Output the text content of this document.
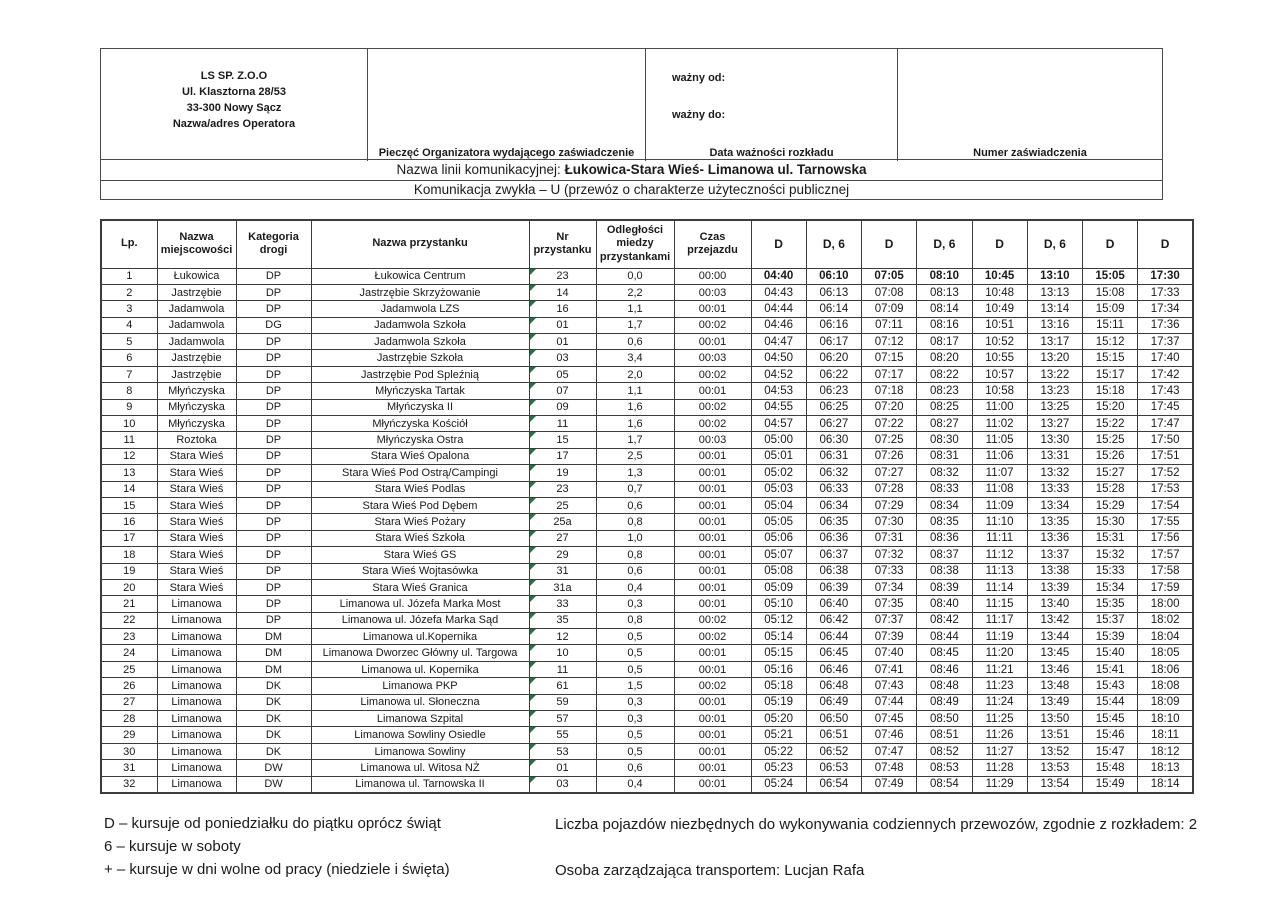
LS SP. Z.O.O
Ul. Klasztorna 28/53
33-300 Nowy Sącz
Nazwa/adres Operatora
Pieczęć Organizatora wydającego zaświadczenie
ważny od:
ważny do:
Data ważności rozkładu	Numer zaświadczenia
Nazwa linii komunikacyjnej: Łukowica-Stara Wieś- Limanowa ul. Tarnowska
Komunikacja zwykła – U (przewóz o charakterze użyteczności publicznej
Lp.	Nazwa miejscowości	Kategoria drogi	Nazwa przystanku	Nr przystanku	Odległości miedzy przystankami	Czas przejazdu	D	D, 6	D	D, 6	D	D, 6	D	D
1	Łukowica	DP	Łukowica Centrum	23	0,0	00:00	04:40	06:10	07:05	08:10	10:45	13:10	15:05	17:30
2	Jastrzębie	DP	Jastrzębie Skrzyżowanie	14	2,2	00:03	04:43	06:13	07:08	08:13	10:48	13:13	15:08	17:33
3	Jadamwola	DP	Jadamwola LZS	16	1,1	00:01	04:44	06:14	07:09	08:14	10:49	13:14	15:09	17:34
4	Jadamwola	DG	Jadamwola Szkoła	01	1,7	00:02	04:46	06:16	07:11	08:16	10:51	13:16	15:11	17:36
5	Jadamwola	DP	Jadamwola Szkoła	01	0,6	00:01	04:47	06:17	07:12	08:17	10:52	13:17	15:12	17:37
6	Jastrzębie	DP	Jastrzębie Szkoła	03	3,4	00:03	04:50	06:20	07:15	08:20	10:55	13:20	15:15	17:40
7	Jastrzębie	DP	Jastrzębie Pod Spleźnią	05	2,0	00:02	04:52	06:22	07:17	08:22	10:57	13:22	15:17	17:42
8	Młyńczyska	DP	Młyńczyska Tartak	07	1,1	00:01	04:53	06:23	07:18	08:23	10:58	13:23	15:18	17:43
9	Młyńczyska	DP	Młyńczyska II	09	1,6	00:02	04:55	06:25	07:20	08:25	11:00	13:25	15:20	17:45
10	Młyńczyska	DP	Młyńczyska Kościół	11	1,6	00:02	04:57	06:27	07:22	08:27	11:02	13:27	15:22	17:47
11	Roztoka	DP	Młyńczyska Ostra	15	1,7	00:03	05:00	06:30	07:25	08:30	11:05	13:30	15:25	17:50
12	Stara Wieś	DP	Stara Wieś Opalona	17	2,5	00:01	05:01	06:31	07:26	08:31	11:06	13:31	15:26	17:51
13	Stara Wieś	DP	Stara Wieś Pod Ostrą/Campingi	19	1,3	00:01	05:02	06:32	07:27	08:32	11:07	13:32	15:27	17:52
14	Stara Wieś	DP	Stara Wieś Podlas	23	0,7	00:01	05:03	06:33	07:28	08:33	11:08	13:33	15:28	17:53
15	Stara Wieś	DP	Stara Wieś Pod Dębem	25	0,6	00:01	05:04	06:34	07:29	08:34	11:09	13:34	15:29	17:54
16	Stara Wieś	DP	Stara Wieś Pożary	25a	0,8	00:01	05:05	06:35	07:30	08:35	11:10	13:35	15:30	17:55
17	Stara Wieś	DP	Stara Wieś Szkoła	27	1,0	00:01	05:06	06:36	07:31	08:36	11:11	13:36	15:31	17:56
18	Stara Wieś	DP	Stara Wieś GS	29	0,8	00:01	05:07	06:37	07:32	08:37	11:12	13:37	15:32	17:57
19	Stara Wieś	DP	Stara Wieś Wojtasówka	31	0,6	00:01	05:08	06:38	07:33	08:38	11:13	13:38	15:33	17:58
20	Stara Wieś	DP	Stara Wieś Granica	31a	0,4	00:01	05:09	06:39	07:34	08:39	11:14	13:39	15:34	17:59
21	Limanowa	DP	Limanowa ul. Józefa Marka Most	33	0,3	00:01	05:10	06:40	07:35	08:40	11:15	13:40	15:35	18:00
22	Limanowa	DP	Limanowa ul. Józefa Marka Sąd	35	0,8	00:02	05:12	06:42	07:37	08:42	11:17	13:42	15:37	18:02
23	Limanowa	DM	Limanowa ul.Kopernika	12	0,5	00:02	05:14	06:44	07:39	08:44	11:19	13:44	15:39	18:04
24	Limanowa	DM	Limanowa Dworzec Główny ul. Targowa	10	0,5	00:01	05:15	06:45	07:40	08:45	11:20	13:45	15:40	18:05
25	Limanowa	DM	Limanowa ul. Kopernika	11	0,5	00:01	05:16	06:46	07:41	08:46	11:21	13:46	15:41	18:06
26	Limanowa	DK	Limanowa PKP	61	1,5	00:02	05:18	06:48	07:43	08:48	11:23	13:48	15:43	18:08
27	Limanowa	DK	Limanowa ul. Słoneczna	59	0,3	00:01	05:19	06:49	07:44	08:49	11:24	13:49	15:44	18:09
28	Limanowa	DK	Limanowa Szpital	57	0,3	00:01	05:20	06:50	07:45	08:50	11:25	13:50	15:45	18:10
29	Limanowa	DK	Limanowa Sowliny Osiedle	55	0,5	00:01	05:21	06:51	07:46	08:51	11:26	13:51	15:46	18:11
30	Limanowa	DK	Limanowa Sowliny	53	0,5	00:01	05:22	06:52	07:47	08:52	11:27	13:52	15:47	18:12
31	Limanowa	DW	Limanowa ul. Witosa NŻ	01	0,6	00:01	05:23	06:53	07:48	08:53	11:28	13:53	15:48	18:13
32	Limanowa	DW	Limanowa ul. Tarnowska II	03	0,4	00:01	05:24	06:54	07:49	08:54	11:29	13:54	15:49	18:14
D – kursuje od poniedziałku do piątku oprócz świąt
6 – kursuje w soboty
+ – kursuje w dni wolne od pracy (niedziele i święta)
Liczba pojazdów niezbędnych do wykonywania codziennych przewozów, zgodnie z rozkładem: 2
Osoba zarządzająca transportem: Lucjan Rafa
